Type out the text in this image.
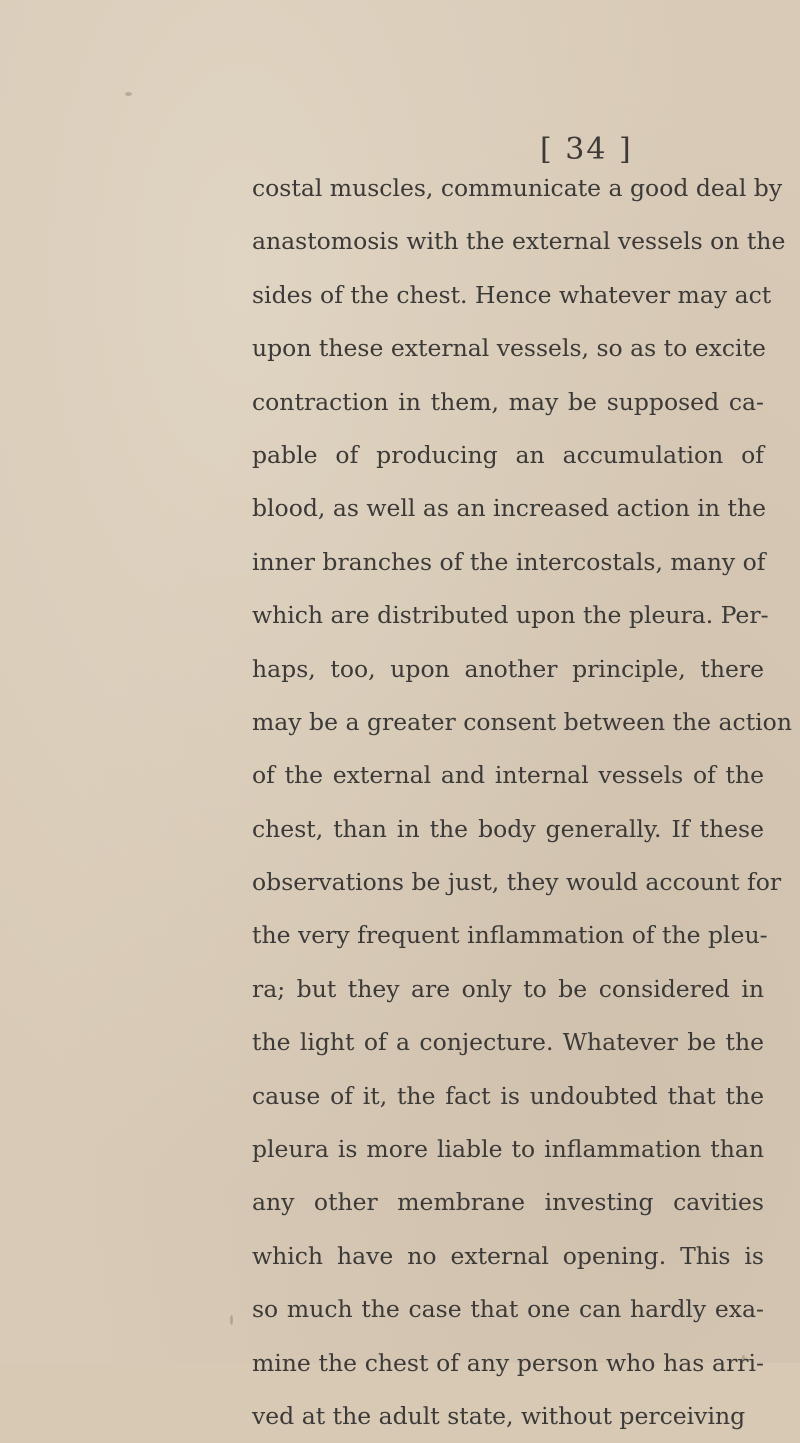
[ 34 ]
costal muscles, communicate a good deal by
anastomosis with the external vessels on the
sides of the chest. Hence whatever may act
upon these external vessels, so as to excite
contraction in them, may be supposed ca-
pable of producing an accumulation of
blood, as well as an increased action in the
inner branches of the intercostals, many of
which are distributed upon the pleura. Per-
haps, too, upon another principle, there
may be a greater consent between the action
of the external and internal vessels of the
chest, than in the body generally. If these
observations be just, they would account for
the very frequent inflammation of the pleu-
ra; but they are only to be considered in
the light of a conjecture. Whatever be the
cause of it, the fact is undoubted that the
pleura is more liable to inflammation than
any other membrane investing cavities
which have no external opening. This is
so much the case that one can hardly exa-
mine the chest of any person who has arri-
ved at the adult state, without perceiving
